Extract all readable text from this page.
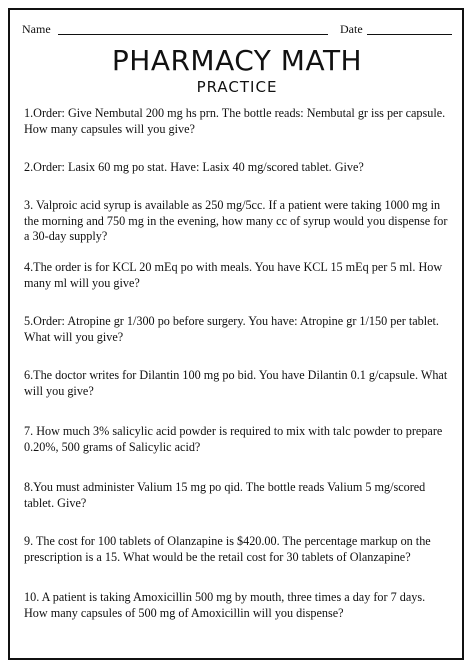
Name	Date
PHARMACY MATH
PRACTICE

1.Order: Give Nembutal 200 mg hs prn. The bottle reads: Nembutal gr iss per capsule. How many capsules will you give?

2.Order: Lasix 60 mg po stat. Have: Lasix 40 mg/scored tablet. Give?

3. Valproic acid syrup is available as 250 mg/5cc. If a patient were taking 1000 mg in the morning and 750 mg in the evening, how many cc of syrup would you dispense for a 30-day supply?

4.The order is for KCL 20 mEq po with meals. You have KCL 15 mEq per 5 ml. How many ml will you give?

5.Order: Atropine gr 1/300 po before surgery. You have: Atropine gr 1/150 per tablet. What will you give?

6.The doctor writes for Dilantin 100 mg po bid. You have Dilantin 0.1 g/capsule. What will you give?

7. How much 3% salicylic acid powder is required to mix with talc powder to prepare 0.20%, 500 grams of Salicylic acid?

8.You must administer Valium 15 mg po qid. The bottle reads Valium 5 mg/scored tablet. Give?

9. The cost for 100 tablets of Olanzapine is $420.00. The percentage markup on the prescription is a 15. What would be the retail cost for 30 tablets of Olanzapine?

10. A patient is taking Amoxicillin 500 mg by mouth, three times a day for 7 days. How many capsules of 500 mg of Amoxicillin will you dispense?
